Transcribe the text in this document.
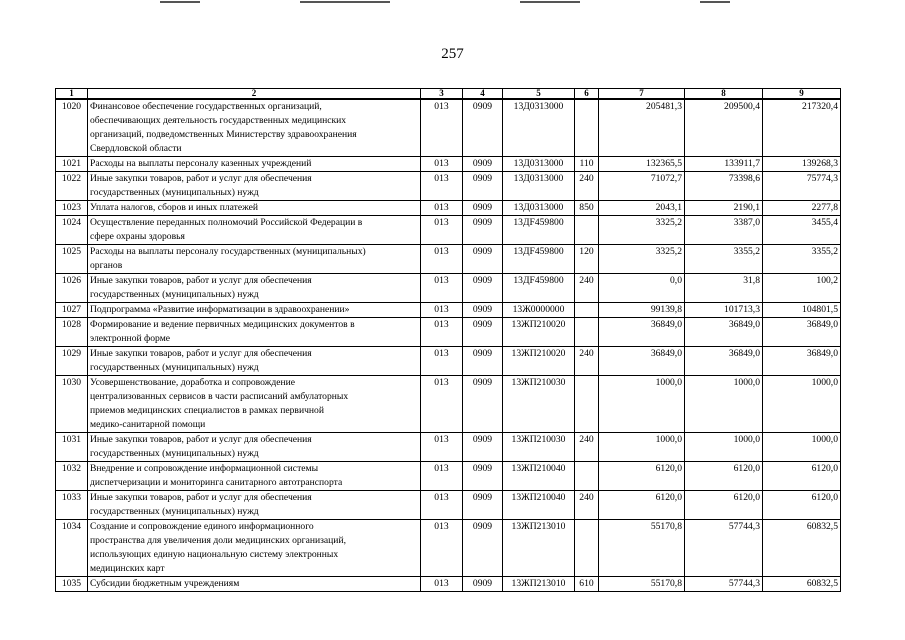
257
1	2	3	4	5	6	7	8	9
1020	Финансовое обеспечение государственных организаций,
обеспечивающих деятельность государственных медицинских
организаций, подведомственных Министерству здравоохранения
Свердловской области	013	0909	13Д0313000		205481,3	209500,4	217320,4
1021	Расходы на выплаты персоналу казенных учреждений	013	0909	13Д0313000	110	132365,5	133911,7	139268,3
1022	Иные закупки товаров, работ и услуг для обеспечения
государственных (муниципальных) нужд	013	0909	13Д0313000	240	71072,7	73398,6	75774,3
1023	Уплата налогов, сборов и иных платежей	013	0909	13Д0313000	850	2043,1	2190,1	2277,8
1024	Осуществление переданных полномочий Российской Федерации в
сфере охраны здоровья	013	0909	13ДF459800		3325,2	3387,0	3455,4
1025	Расходы на выплаты персоналу государственных (муниципальных)
органов	013	0909	13ДF459800	120	3325,2	3355,2	3355,2
1026	Иные закупки товаров, работ и услуг для обеспечения
государственных (муниципальных) нужд	013	0909	13ДF459800	240	0,0	31,8	100,2
1027	Подпрограмма «Развитие информатизации в здравоохранении»	013	0909	13Ж0000000		99139,8	101713,3	104801,5
1028	Формирование и ведение первичных медицинских документов в
электронной форме	013	0909	13ЖП210020		36849,0	36849,0	36849,0
1029	Иные закупки товаров, работ и услуг для обеспечения
государственных (муниципальных) нужд	013	0909	13ЖП210020	240	36849,0	36849,0	36849,0
1030	Усовершенствование, доработка и сопровождение
централизованных сервисов в части расписаний амбулаторных
приемов медицинских специалистов в рамках первичной
медико-санитарной помощи	013	0909	13ЖП210030		1000,0	1000,0	1000,0
1031	Иные закупки товаров, работ и услуг для обеспечения
государственных (муниципальных) нужд	013	0909	13ЖП210030	240	1000,0	1000,0	1000,0
1032	Внедрение и сопровождение информационной системы
диспетчеризации и мониторинга санитарного автотранспорта	013	0909	13ЖП210040		6120,0	6120,0	6120,0
1033	Иные закупки товаров, работ и услуг для обеспечения
государственных (муниципальных) нужд	013	0909	13ЖП210040	240	6120,0	6120,0	6120,0
1034	Создание и сопровождение единого информационного
пространства для увеличения доли медицинских организаций,
использующих единую национальную систему электронных
медицинских карт	013	0909	13ЖП213010		55170,8	57744,3	60832,5
1035	Субсидии бюджетным учреждениям	013	0909	13ЖП213010	610	55170,8	57744,3	60832,5
